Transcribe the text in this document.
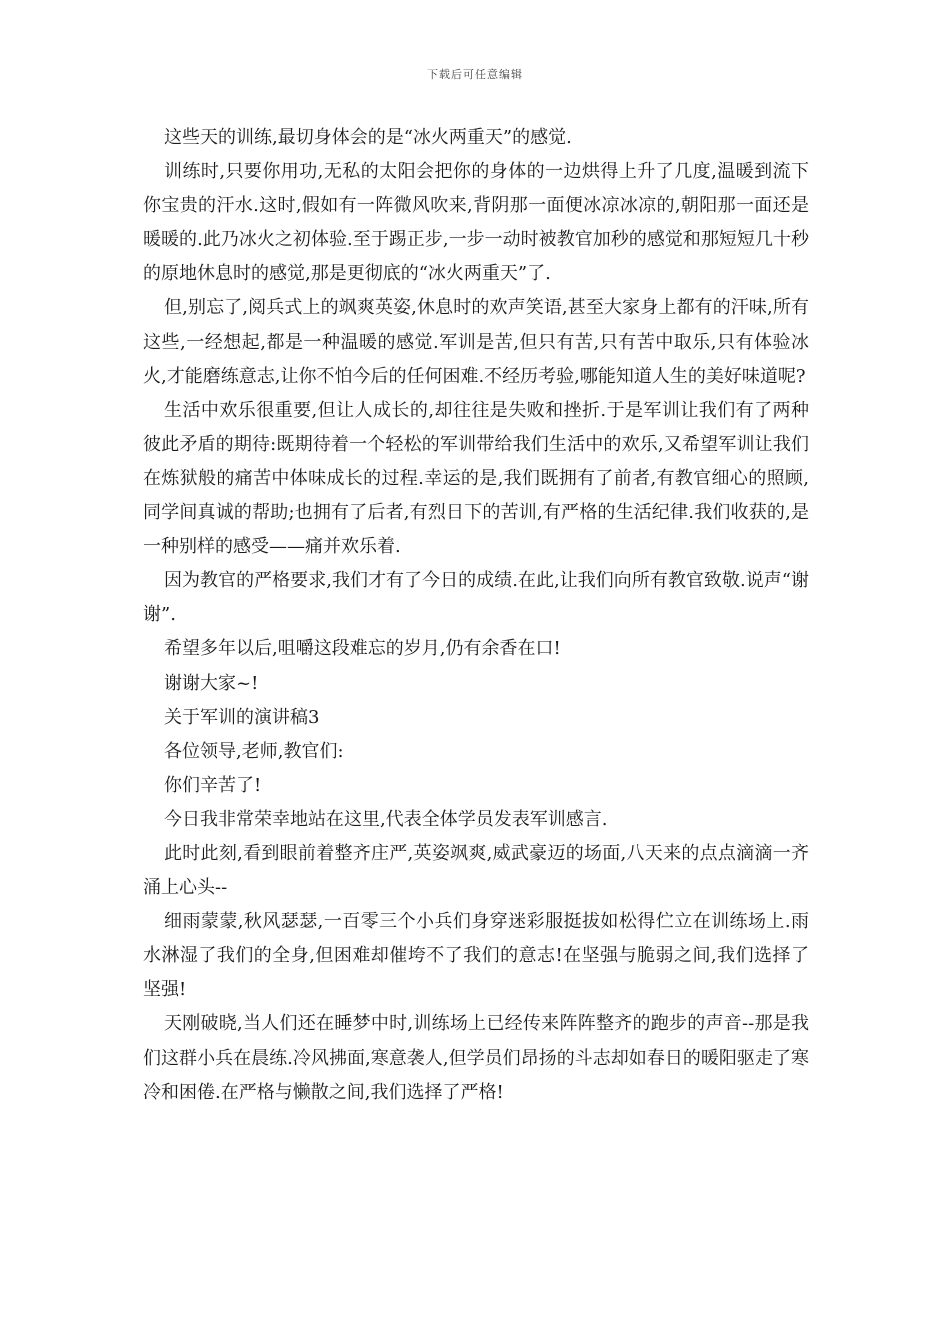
下载后可任意编辑

这些天的训练,最切身体会的是“冰火两重天”的感觉.

训练时,只要你用功,无私的太阳会把你的身体的一边烘得上升了几度,温暖到流下你宝贵的汗水.这时,假如有一阵微风吹来,背阴那一面便冰凉冰凉的,朝阳那一面还是暖暖的.此乃冰火之初体验.至于踢正步,一步一动时被教官加秒的感觉和那短短几十秒的原地休息时的感觉,那是更彻底的“冰火两重天”了.

但,别忘了,阅兵式上的飒爽英姿,休息时的欢声笑语,甚至大家身上都有的汗味,所有这些,一经想起,都是一种温暖的感觉.军训是苦,但只有苦,只有苦中取乐,只有体验冰火,才能磨练意志,让你不怕今后的任何困难.不经历考验,哪能知道人生的美好味道呢?

生活中欢乐很重要,但让人成长的,却往往是失败和挫折.于是军训让我们有了两种彼此矛盾的期待:既期待着一个轻松的军训带给我们生活中的欢乐,又希望军训让我们在炼狱般的痛苦中体味成长的过程.幸运的是,我们既拥有了前者,有教官细心的照顾,同学间真诚的帮助;也拥有了后者,有烈日下的苦训,有严格的生活纪律.我们收获的,是一种别样的感受——痛并欢乐着.

因为教官的严格要求,我们才有了今日的成绩.在此,让我们向所有教官致敬.说声“谢谢”.

希望多年以后,咀嚼这段难忘的岁月,仍有余香在口!

谢谢大家~!

关于军训的演讲稿3

各位领导,老师,教官们:

你们辛苦了!

今日我非常荣幸地站在这里,代表全体学员发表军训感言.

此时此刻,看到眼前着整齐庄严,英姿飒爽,威武豪迈的场面,八天来的点点滴滴一齐涌上心头--

细雨蒙蒙,秋风瑟瑟,一百零三个小兵们身穿迷彩服挺拔如松得伫立在训练场上.雨水淋湿了我们的全身,但困难却催垮不了我们的意志!在坚强与脆弱之间,我们选择了坚强!

天刚破晓,当人们还在睡梦中时,训练场上已经传来阵阵整齐的跑步的声音--那是我们这群小兵在晨练.冷风拂面,寒意袭人,但学员们昂扬的斗志却如春日的暖阳驱走了寒冷和困倦.在严格与懒散之间,我们选择了严格!
